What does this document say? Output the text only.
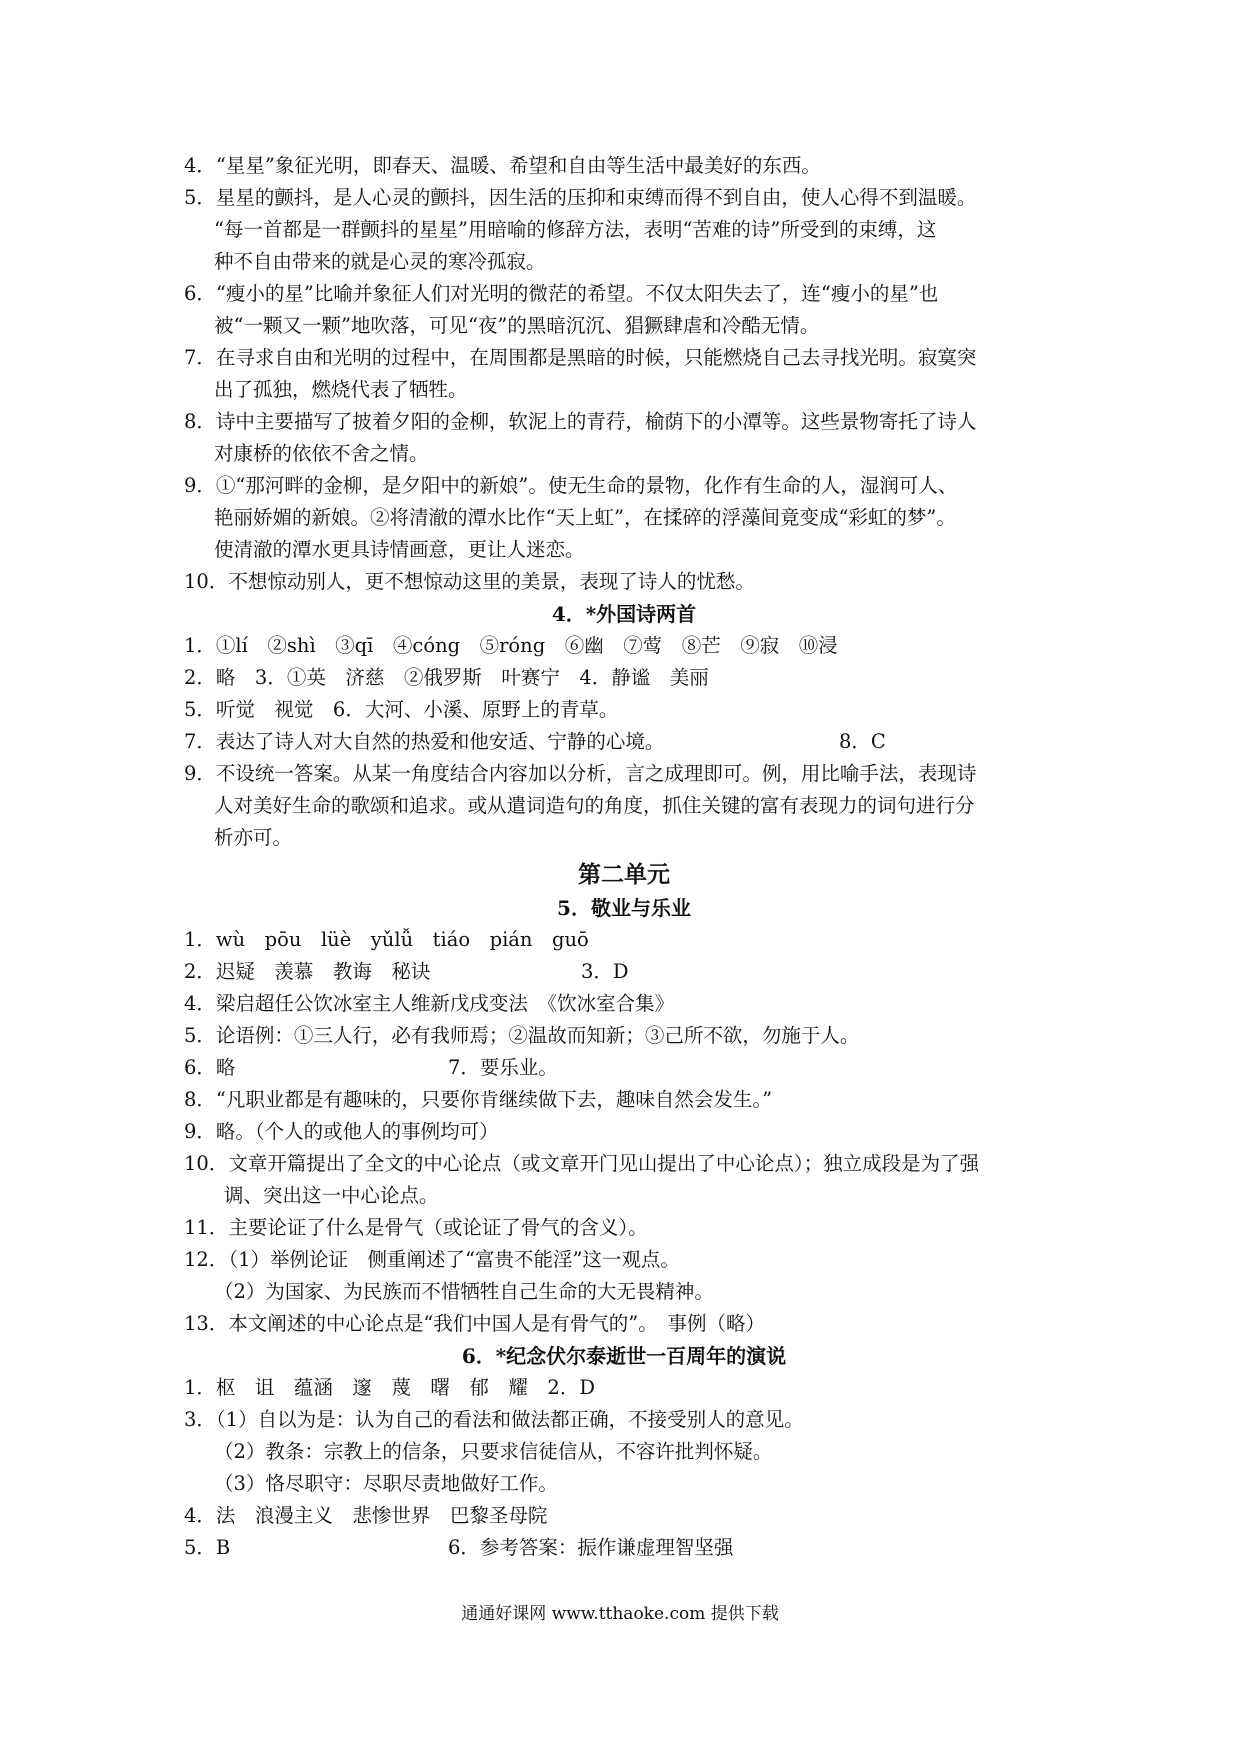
4．“星星”象征光明，即春天、温暖、希望和自由等生活中最美好的东西。
5．星星的颤抖，是人心灵的颤抖，因生活的压抑和束缚而得不到自由，使人心得不到温暖。
“每一首都是一群颤抖的星星”用暗喻的修辞方法，表明“苦难的诗”所受到的束缚，这
种不自由带来的就是心灵的寒冷孤寂。
6．“瘦小的星”比喻并象征人们对光明的微茫的希望。不仅太阳失去了，连“瘦小的星”也
被“一颗又一颗”地吹落，可见“夜”的黑暗沉沉、猖獗肆虐和冷酷无情。
7．在寻求自由和光明的过程中，在周围都是黑暗的时候，只能燃烧自己去寻找光明。寂寞突
出了孤独，燃烧代表了牺牲。
8．诗中主要描写了披着夕阳的金柳，软泥上的青荇，榆荫下的小潭等。这些景物寄托了诗人
对康桥的依依不舍之情。
9．①“那河畔的金柳，是夕阳中的新娘”。使无生命的景物，化作有生命的人，湿润可人、
艳丽娇媚的新娘。②将清澈的潭水比作“天上虹”，在揉碎的浮藻间竟变成“彩虹的梦”。
使清澈的潭水更具诗情画意，更让人迷恋。
10．不想惊动别人，更不想惊动这里的美景，表现了诗人的忧愁。
4．*外国诗两首
1．①lí　②shì　③qī　④cóng　⑤róng　⑥幽　⑦莺　⑧芒　⑨寂　⑩浸
2．略　3．①英　济慈　②俄罗斯　叶赛宁　4．静谧　美丽
5．听觉　视觉　6．大河、小溪、原野上的青草。
7．表达了诗人对大自然的热爱和他安适、宁静的心境。	8．C
9．不设统一答案。从某一角度结合内容加以分析，言之成理即可。例，用比喻手法，表现诗
人对美好生命的歌颂和追求。或从遣词造句的角度，抓住关键的富有表现力的词句进行分
析亦可。
第二单元
5．敬业与乐业
1．wù　pōu　lüè　yǔlǚ　tiáo　pián　guō
2．迟疑　羡慕　教诲　秘诀	3．D
4．梁启超任公饮冰室主人维新戊戌变法　《饮冰室合集》
5．论语例：①三人行，必有我师焉；②温故而知新；③己所不欲，勿施于人。
6．略	7．要乐业。
8．“凡职业都是有趣味的，只要你肯继续做下去，趣味自然会发生。”
9．略。（个人的或他人的事例均可）
10．文章开篇提出了全文的中心论点（或文章开门见山提出了中心论点）；独立成段是为了强
调、突出这一中心论点。
11．主要论证了什么是骨气（或论证了骨气的含义）。
12．（1）举例论证　侧重阐述了“富贵不能淫”这一观点。
（2）为国家、为民族而不惜牺牲自己生命的大无畏精神。
13．本文阐述的中心论点是“我们中国人是有骨气的”。　事例（略）
6．*纪念伏尔泰逝世一百周年的演说
1．枢　诅　蕴涵　邃　蔑　曙　郁　耀　2．D
3．（1）自以为是：认为自己的看法和做法都正确，不接受别人的意见。
（2）教条：宗教上的信条，只要求信徒信从，不容许批判怀疑。
（3）恪尽职守：尽职尽责地做好工作。
4．法　浪漫主义　悲惨世界　巴黎圣母院
5．B	6．参考答案：振作谦虚理智坚强
通通好课网 www.tthaoke.com 提供下载
